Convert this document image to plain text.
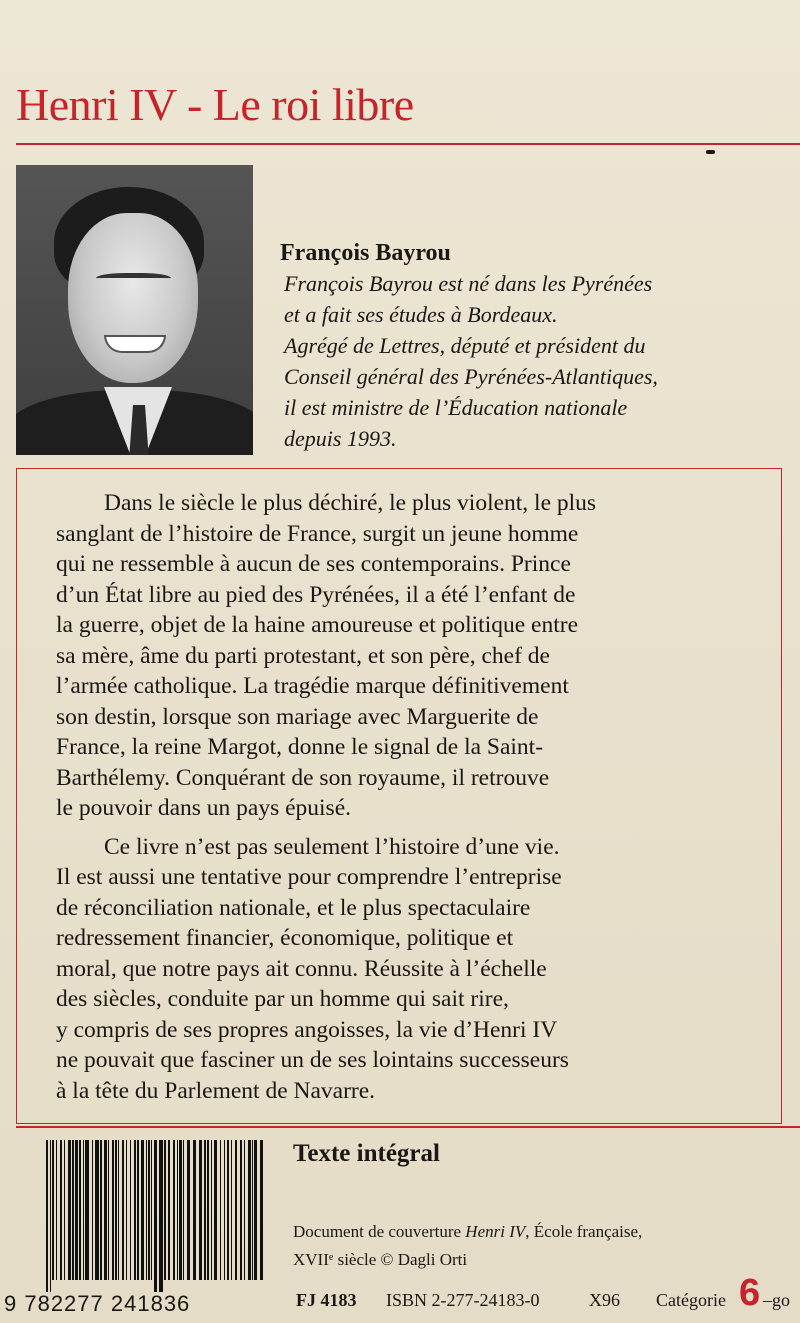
Henri IV - Le roi libre
François Bayrou
François Bayrou est né dans les Pyrénées
et a fait ses études à Bordeaux.
Agrégé de Lettres, député et président du
Conseil général des Pyrénées-Atlantiques,
il est ministre de l’Éducation nationale
depuis 1993.
Dans le siècle le plus déchiré, le plus violent, le plus
sanglant de l’histoire de France, surgit un jeune homme
qui ne ressemble à aucun de ses contemporains. Prince
d’un État libre au pied des Pyrénées, il a été l’enfant de
la guerre, objet de la haine amoureuse et politique entre
sa mère, âme du parti protestant, et son père, chef de
l’armée catholique. La tragédie marque définitivement
son destin, lorsque son mariage avec Marguerite de
France, la reine Margot, donne le signal de la Saint-
Barthélemy. Conquérant de son royaume, il retrouve
le pouvoir dans un pays épuisé.
Ce livre n’est pas seulement l’histoire d’une vie.
Il est aussi une tentative pour comprendre l’entreprise
de réconciliation nationale, et le plus spectaculaire
redressement financier, économique, politique et
moral, que notre pays ait connu. Réussite à l’échelle
des siècles, conduite par un homme qui sait rire,
y compris de ses propres angoisses, la vie d’Henri IV
ne pouvait que fasciner un de ses lointains successeurs
à la tête du Parlement de Navarre.
9 782277 241836
Texte intégral
Document de couverture Henri IV, École française,
XVIIe siècle © Dagli Orti
FJ 4183 ISBN 2-277-24183-0	X96 Catégorie 6 –go
